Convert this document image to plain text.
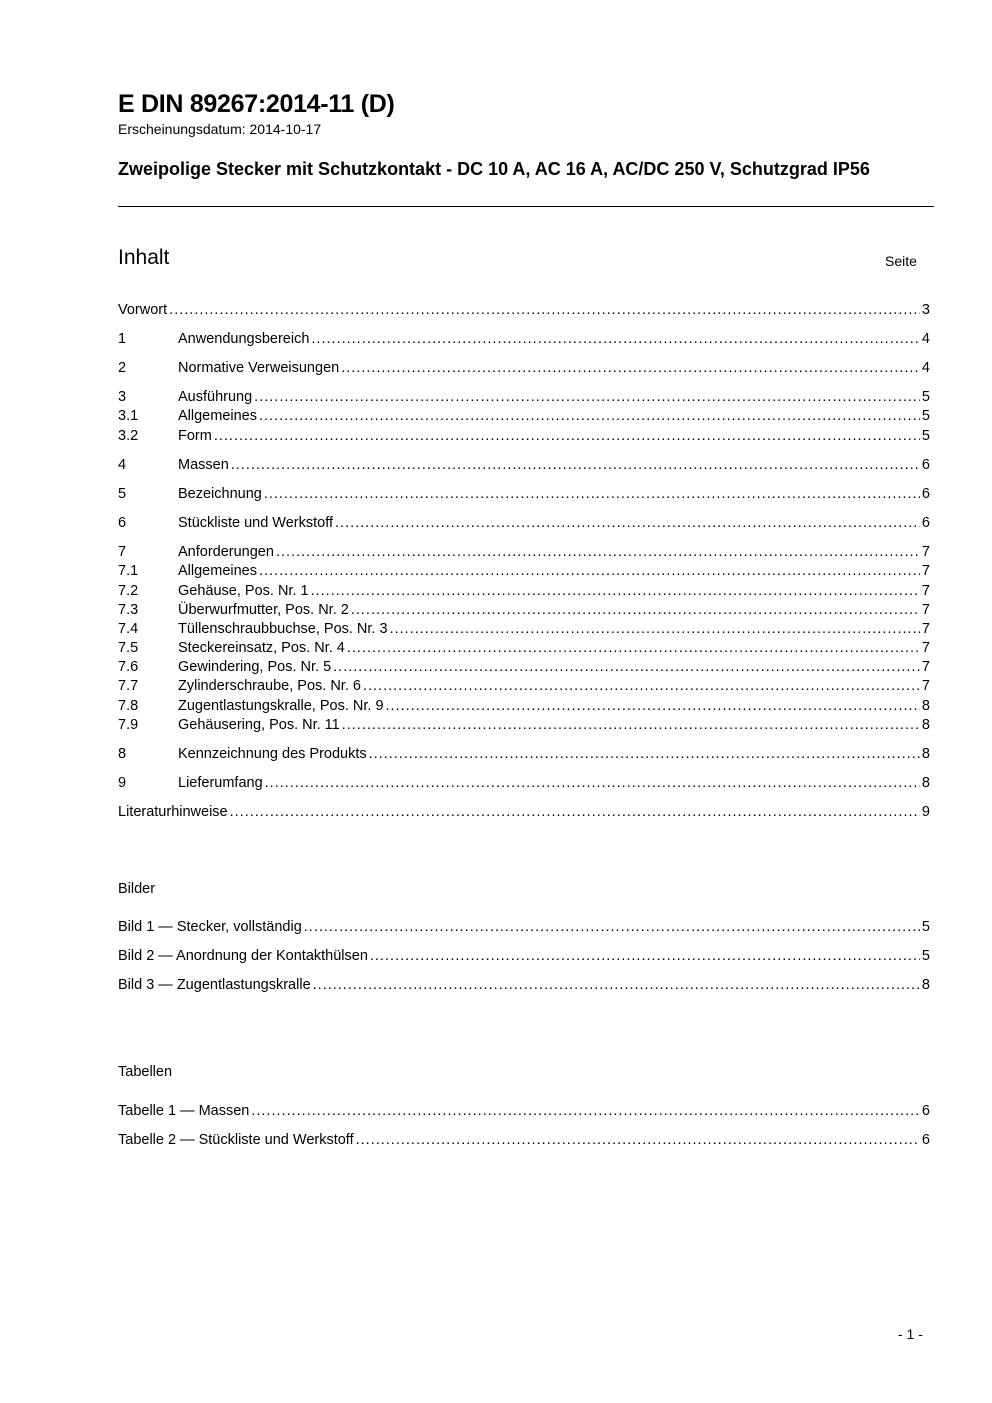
E DIN 89267:2014-11 (D)
Erscheinungsdatum: 2014-10-17
Zweipolige Stecker mit Schutzkontakt - DC 10 A, AC 16 A, AC/DC 250 V, Schutzgrad IP56
Inhalt	Seite
Vorwort .....	3
1	Anwendungsbereich .....	4
2	Normative Verweisungen .....	4
3	Ausführung .....	5
3.1	Allgemeines .....	5
3.2	Form .....	5
4	Massen .....	6
5	Bezeichnung .....	6
6	Stückliste und Werkstoff .....	6
7	Anforderungen .....	7
7.1	Allgemeines .....	7
7.2	Gehäuse, Pos. Nr. 1 .....	7
7.3	Überwurfmutter, Pos. Nr. 2 .....	7
7.4	Tüllenschraubbuchse, Pos. Nr. 3 .....	7
7.5	Steckereinsatz, Pos. Nr. 4 .....	7
7.6	Gewindering, Pos. Nr. 5 .....	7
7.7	Zylinderschraube, Pos. Nr. 6 .....	7
7.8	Zugentlastungskralle, Pos. Nr. 9 .....	8
7.9	Gehäusering, Pos. Nr. 11 .....	8
8	Kennzeichnung des Produkts .....	8
9	Lieferumfang .....	8
Literaturhinweise .....	9
Bilder
Bild 1 — Stecker, vollständig .....	5
Bild 2 — Anordnung der Kontakthülsen .....	5
Bild 3 — Zugentlastungskralle .....	8
Tabellen
Tabelle 1 — Massen .....	6
Tabelle 2 — Stückliste und Werkstoff .....	6
- 1 -
